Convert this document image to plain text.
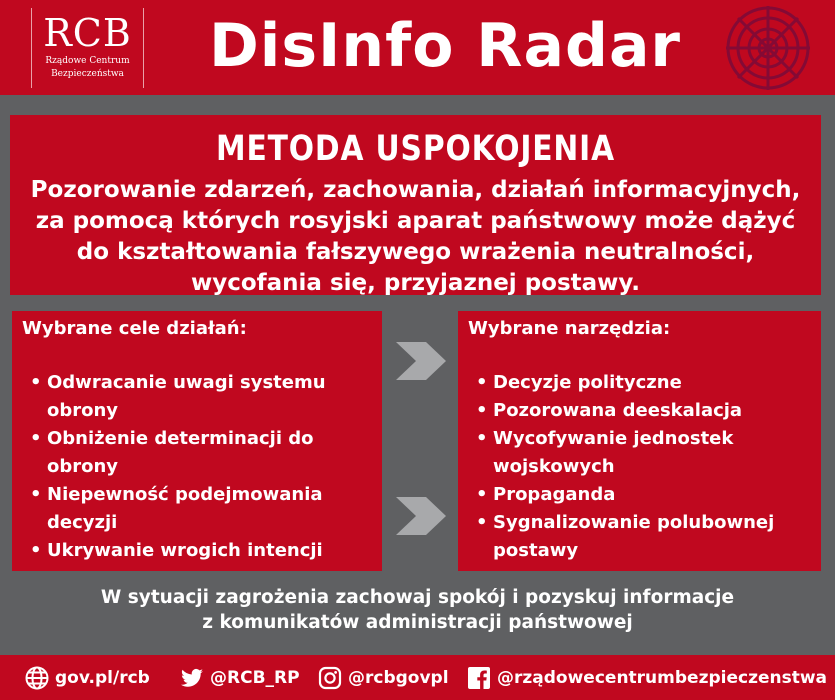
RCB
Rządowe Centrum
Bezpieczeństwa	DisInfo Radar
METODA USPOKOJENIA
Pozorowanie zdarzeń, zachowania, działań informacyjnych, za pomocą których rosyjski aparat państwowy może dążyć do kształtowania fałszywego wrażenia neutralności, wycofania się, przyjaznej postawy.

Wybrane cele działań:

• Odwracanie uwagi systemu obrony
• Obniżenie determinacji do obrony
• Niepewność podejmowania decyzji
• Ukrywanie wrogich intencji

Wybrane narzędzia:

• Decyzje polityczne
• Pozorowana deeskalacja
• Wycofywanie jednostek wojskowych
• Propaganda
• Sygnalizowanie polubownej postawy
W sytuacji zagrożenia zachowaj spokój i pozyskuj informacje
z komunikatów administracji państwowej
gov.pl/rcb	@RCB_RP	@rcbgovpl	@rządowecentrumbezpieczenstwa
